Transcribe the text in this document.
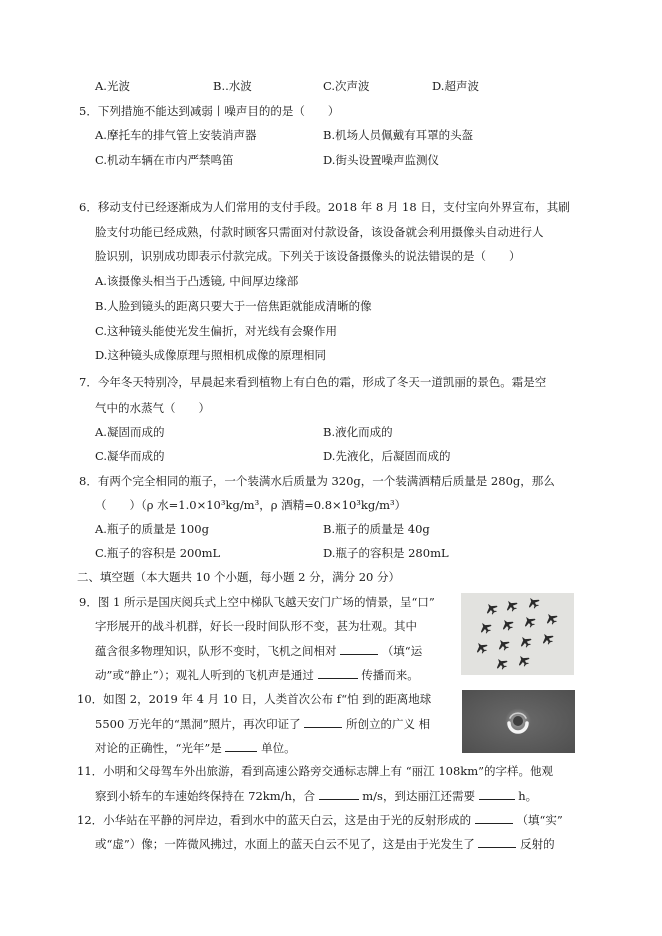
A.光波	B..水波	C.次声波	D.超声波
5．下列措施不能达到减弱丨噪声目的的是（　　）
A.摩托车的排气管上安装消声器	B.机场人员佩戴有耳罩的头盔
C.机动车辆在市内严禁鸣笛	D.街头设置噪声监测仪
6．移动支付已经逐渐成为人们常用的支付手段。2018 年 8 月 18 日，支付宝向外界宣布，其刷
脸支付功能已经成熟，付款时顾客只需面对付款设备，该设备就会利用摄像头自动进行人
脸识别，识别成功即表示付款完成。下列关于该设备摄像头的说法错误的是（　　）
A.该摄像头相当于凸透镜, 中间厚边缘部
B.人脸到镜头的距离只要大于一倍焦距就能成清晰的像
C.这种镜头能使光发生偏折，对光线有会聚作用
D.这种镜头成像原理与照相机成像的原理相同
7．今年冬天特别冷，早晨起来看到植物上有白色的霜，形成了冬天一道凯丽的景色。霜是空
气中的水蒸气（　　）
A.凝固而成的	B.液化而成的
C.凝华而成的	D.先液化，后凝固而成的
8．有两个完全相同的瓶子，一个装满水后质量为 320g，一个装满酒精后质量是 280g，那么
（　　）（ρ 水=1.0×10³kg/m³，ρ 酒精=0.8×10³kg/m³）
A.瓶子的质量是 100g	B.瓶子的质量是 40g
C.瓶子的容积是 200mL	D.瓶子的容积是 280mL
二、填空题（本大题共 10 个小题，每小题 2 分，满分 20 分）
9．图 1 所示是国庆阅兵式上空中梯队飞越天安门广场的情景，呈“口”
字形展开的战斗机群，好长一段时间队形不变，甚为壮观。其中
蕴含很多物理知识，队形不变时，飞机之间相对	（填“运
动”或“静止”）；观礼人听到的飞机声是通过	传播而来。
10．如图 2，2019 年 4 月 10 日，人类首次公布 f“怕 到的距离地球
5500 万光年的“黑洞”照片，再次印证了	所创立的广义 相
对论的正确性，“光年”是	单位。
11．小明和父母驾车外出旅游，看到高速公路旁交通标志牌上有 “丽江 108km”的字样。他观
察到小轿车的车速始终保持在 72km/h，合	m/s，到达丽江还需要	h。
12．小华站在平静的河岸边，看到水中的蓝天白云，这是由于光的反射形成的	（填“实”
或“虚”）像；一阵微风拂过，水面上的蓝天白云不见了，这是由于光发生了	反射的
